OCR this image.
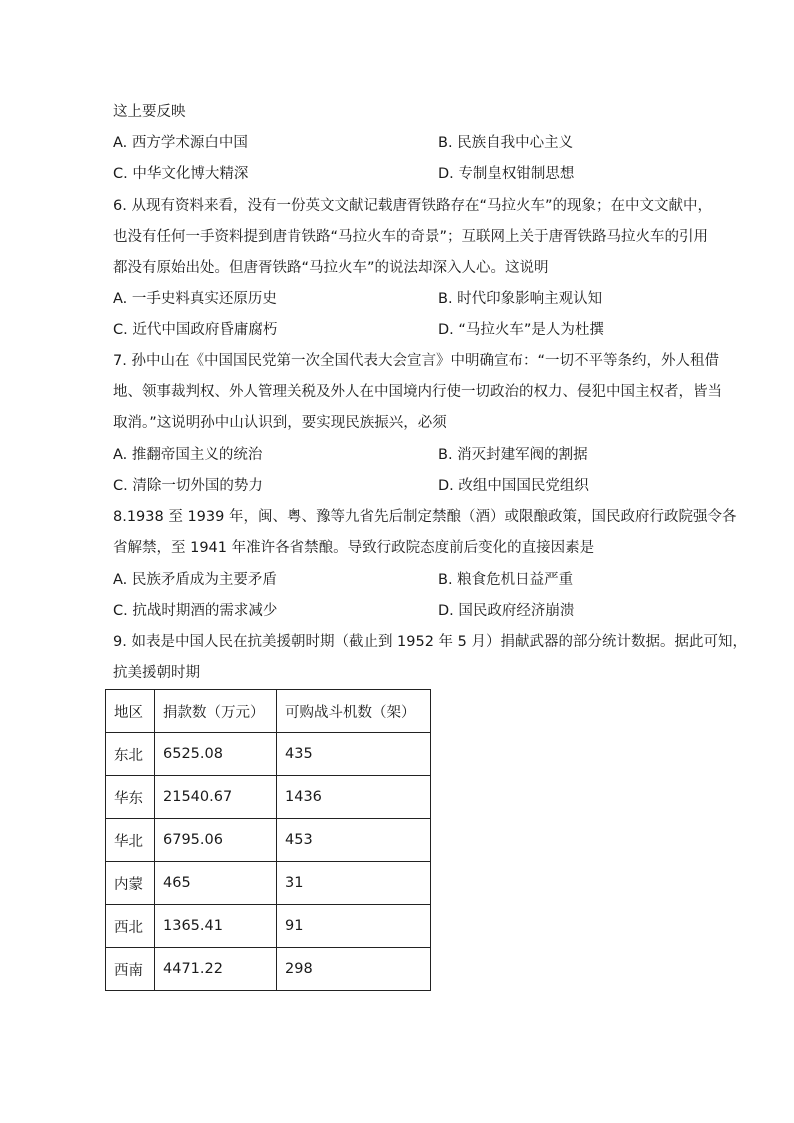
这上要反映
A. 西方学术源白中国	B. 民族自我中心主义
C. 中华文化博大精深	D. 专制皇权钳制思想
6. 从现有资料来看，没有一份英文文献记载唐胥铁路存在“马拉火车”的现象；在中文文献中，
也没有任何一手资料提到唐肯铁路“马拉火车的奇景”；互联网上关于唐胥铁路马拉火车的引用
都没有原始出处。但唐胥铁路“马拉火车”的说法却深入人心。这说明
A. 一手史料真实还原历史	B. 时代印象影响主观认知
C. 近代中国政府昏庸腐朽	D. “马拉火车”是人为杜撰
7. 孙中山在《中国国民党第一次全国代表大会宣言》中明确宣布：“一切不平等条约，外人租借
地、领事裁判权、外人管理关税及外人在中国境内行使一切政治的权力、侵犯中国主权者，皆当
取消。”这说明孙中山认识到，要实现民族振兴，必须
A. 推翻帝国主义的统治	B. 消灭封建军阀的割据
C. 清除一切外国的势力	D. 改组中国国民党组织
8.1938 至 1939 年，闽、粤、豫等九省先后制定禁酿（酒）或限酿政策，国民政府行政院强令各
省解禁，至 1941 年准许各省禁酿。导致行政院态度前后变化的直接因素是
A. 民族矛盾成为主要矛盾	B. 粮食危机日益严重
C. 抗战时期酒的需求减少	D. 国民政府经济崩溃
9. 如表是中国人民在抗美援朝时期（截止到 1952 年 5 月）捐献武器的部分统计数据。据此可知，
抗美援朝时期
地区	捐款数（万元）	可购战斗机数（架）
东北	6525.08	435
华东	21540.67	1436
华北	6795.06	453
内蒙	465	31
西北	1365.41	91
西南	4471.22	298
